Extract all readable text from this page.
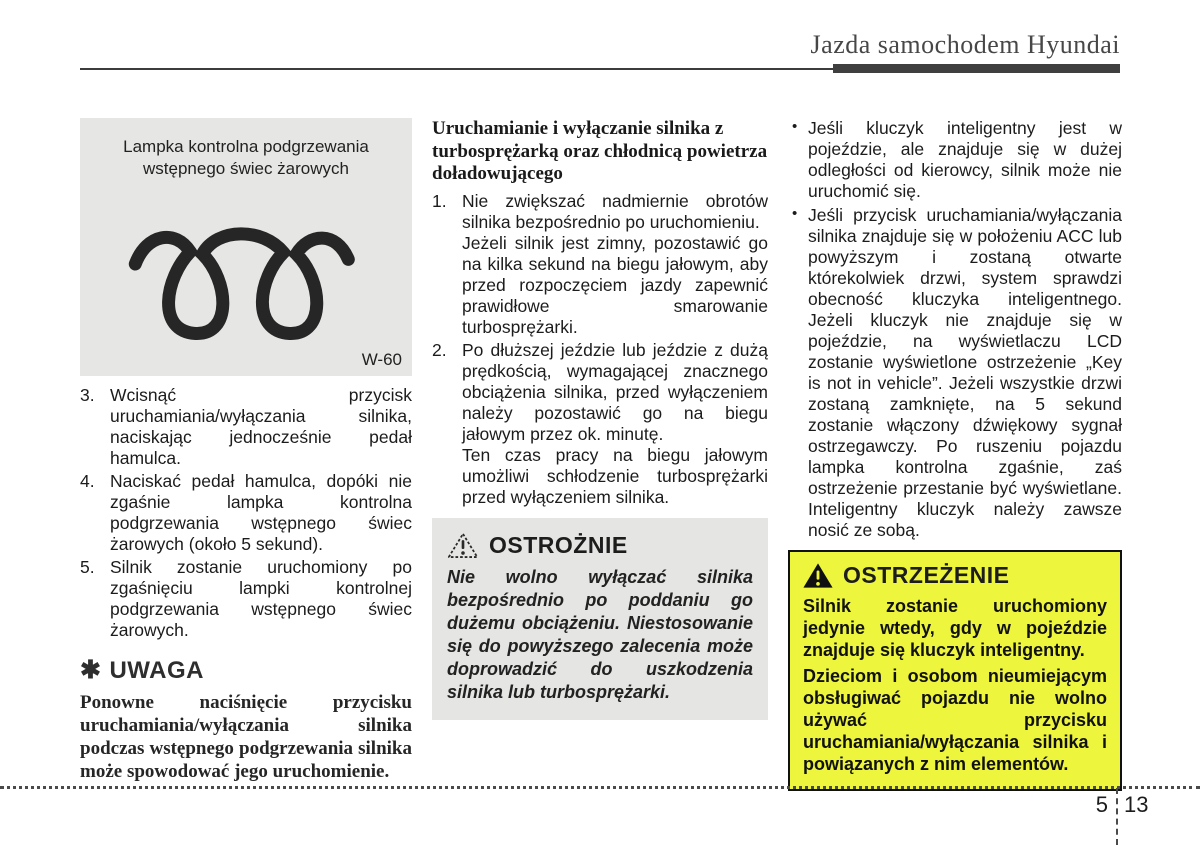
Jazda samochodem Hyundai
Lampka kontrolna podgrzewania wstępnego świec żarowych
W-60
3. Wcisnąć przycisk uruchamiania/wyłączania silnika, naciskając jednocześnie pedał hamulca.

4. Naciskać pedał hamulca, dopóki nie zgaśnie lampka kontrolna podgrzewania wstępnego świec żarowych (około 5 sekund).

5. Silnik zostanie uruchomiony po zgaśnięciu lampki kontrolnej podgrzewania wstępnego świec żarowych.

✱ UWAGA
Ponowne naciśnięcie przycisku uruchamiania/wyłączania silnika podczas wstępnego podgrzewania silnika może spowodować jego uruchomienie.
Uruchamianie i wyłączanie silnika z turbosprężarką oraz chłodnicą powietrza doładowującego
1. Nie zwiększać nadmiernie obrotów silnika bezpośrednio po uruchomieniu.

Jeżeli silnik jest zimny, pozostawić go na kilka sekund na biegu jałowym, aby przed rozpoczęciem jazdy zapewnić prawidłowe smarowanie turbosprężarki.

2. Po dłuższej jeździe lub jeździe z dużą prędkością, wymagającej znacznego obciążenia silnika, przed wyłączeniem należy pozostawić go na biegu jałowym przez ok. minutę.

Ten czas pracy na biegu jałowym umożliwi schłodzenie turbosprężarki przed wyłączeniem silnika.

OSTROŻNIE
Nie wolno wyłączać silnika bezpośrednio po poddaniu go dużemu obciążeniu. Niestosowanie się do powyższego zalecenia może doprowadzić do uszkodzenia silnika lub turbosprężarki.
• Jeśli kluczyk inteligentny jest w pojeździe, ale znajduje się w dużej odległości od kierowcy, silnik może nie uruchomić się.

• Jeśli przycisk uruchamiania/wyłączania silnika znajduje się w położeniu ACC lub powyższym i zostaną otwarte którekolwiek drzwi, system sprawdzi obecność kluczyka inteligentnego. Jeżeli kluczyk nie znajduje się w pojeździe, na wyświetlaczu LCD zostanie wyświetlone ostrzeżenie „Key is not in vehicle”. Jeżeli wszystkie drzwi zostaną zamknięte, na 5 sekund zostanie włączony dźwiękowy sygnał ostrzegawczy. Po ruszeniu pojazdu lampka kontrolna zgaśnie, zaś ostrzeżenie przestanie być wyświetlane. Inteligentny kluczyk należy zawsze nosić ze sobą.

OSTRZEŻENIE

Silnik zostanie uruchomiony jedynie wtedy, gdy w pojeździe znajduje się kluczyk inteligentny.

Dzieciom i osobom nieumiejącym obsługiwać pojazdu nie wolno używać przycisku uruchamiania/wyłączania silnika i powiązanych z nim elementów.

5 13
